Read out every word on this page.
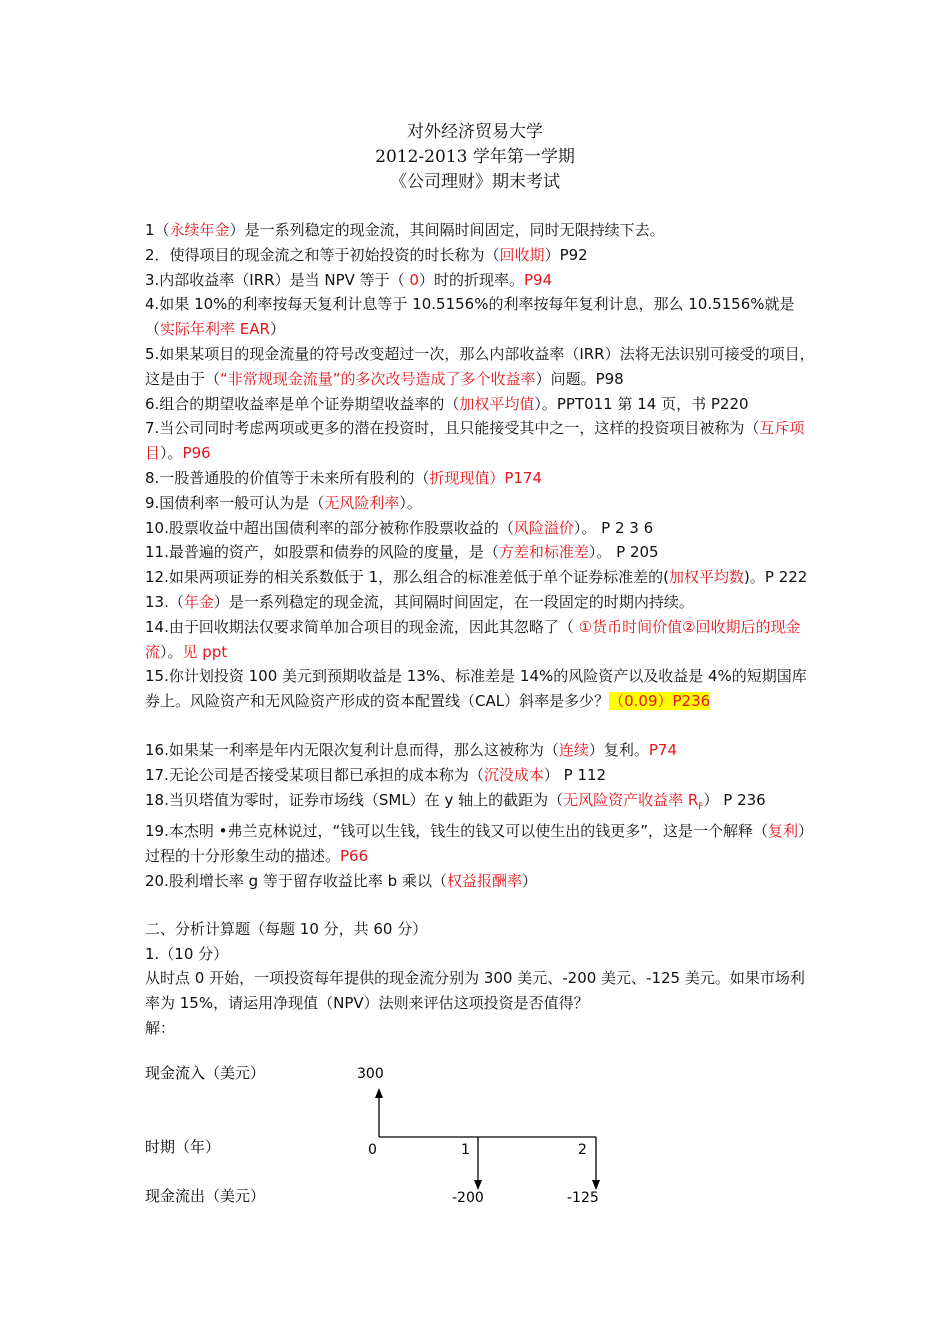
对外经济贸易大学
2012-2013 学年第一学期
《公司理财》期末考试
1（永续年金）是一系列稳定的现金流，其间隔时间固定，同时无限持续下去。
2．使得项目的现金流之和等于初始投资的时长称为（回收期）P92
3.内部收益率（IRR）是当 NPV 等于（ 0）时的折现率。P94
4.如果 10%的利率按每天复利计息等于 10.5156%的利率按每年复利计息，那么 10.5156%就是（实际年利率 EAR）
5.如果某项目的现金流量的符号改变超过一次，那么内部收益率（IRR）法将无法识别可接受的项目，这是由于（“非常规现金流量”的多次改号造成了多个收益率）问题。P98
6.组合的期望收益率是单个证券期望收益率的（加权平均值）。PPT011 第 14 页，书 P220
7.当公司同时考虑两项或更多的潜在投资时，且只能接受其中之一，这样的投资项目被称为（互斥项目）。P96
8.一股普通股的价值等于未来所有股利的（折现现值）P174
9.国债利率一般可认为是（无风险利率）。
10.股票收益中超出国债利率的部分被称作股票收益的（风险溢价）。 P 2 3 6
11.最普遍的资产，如股票和债券的风险的度量，是（方差和标准差）。 P 205
12.如果两项证券的相关系数低于 1，那么组合的标准差低于单个证券标准差的(加权平均数)。P 222
13.（年金）是一系列稳定的现金流，其间隔时间固定，在一段固定的时期内持续。
14.由于回收期法仅要求简单加合项目的现金流，因此其忽略了（ ①货币时间价值②回收期后的现金流）。见 ppt
15.你计划投资 100 美元到预期收益是 13%、标准差是 14%的风险资产以及收益是 4%的短期国库券上。风险资产和无风险资产形成的资本配置线（CAL）斜率是多少？（0.09）P236
16.如果某一利率是年内无限次复利计息而得，那么这被称为（连续）复利。P74
17.无论公司是否接受某项目都已承担的成本称为（沉没成本） P 112
18.当贝塔值为零时，证券市场线（SML）在 y 轴上的截距为（无风险资产收益率 $R_F$） P 236
19.本杰明 •弗兰克林说过，“钱可以生钱，钱生的钱又可以使生出的钱更多”，这是一个解释（复利）过程的十分形象生动的描述。P66
20.股利增长率 g 等于留存收益比率 b 乘以（权益报酬率）
二、分析计算题（每题 10 分，共 60 分）
1.（10 分）
从时点 0 开始，一项投资每年提供的现金流分别为 300 美元、-200 美元、-125 美元。如果市场利率为 15%，请运用净现值（NPV）法则来评估这项投资是否值得？
解：
现金流入（美元）
时期（年）
现金流出（美元）
300
0	1	2
-200	-125
